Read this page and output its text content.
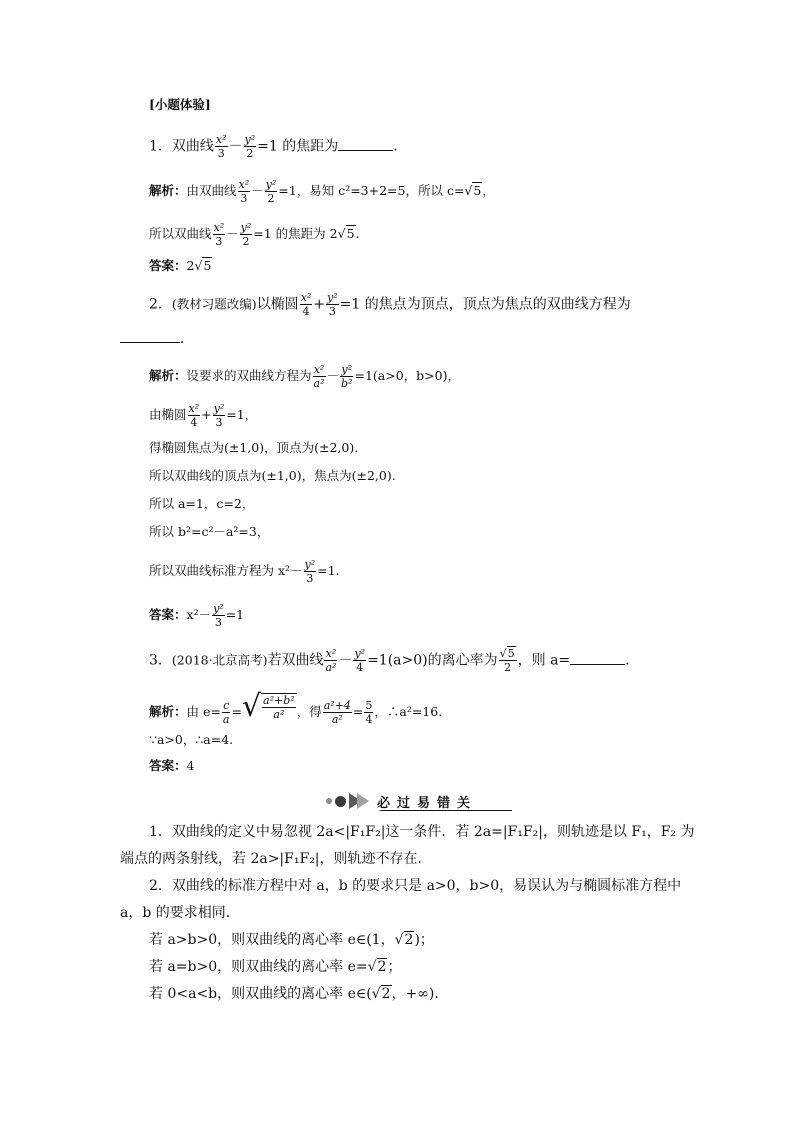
[小题体验]
1．双曲线 $\frac{\text{x²}}{3} - \frac{\text{y²}}{2} =1$ 的焦距为	．
解析：由双曲线 $\frac{\text{x²}}{3} - \frac{\text{y²}}{2} =1$，易知 c²=3+2=5，所以 c=√5，
所以双曲线 $\frac{\text{x²}}{3} - \frac{\text{y²}}{2} =1$ 的焦距为 2√5.
答案：2√5
2．(教材习题改编)以椭圆 $\frac{\text{x²}}{4} + \frac{\text{y²}}{3} =1$ 的焦点为顶点，顶点为焦点的双曲线方程为
．
解析：设要求的双曲线方程为 $\frac{\text{x²}}{\text{a²}} - \frac{\text{y²}}{\text{b²}} =1(a>0$，b>0)，
由椭圆 $\frac{\text{x²}}{4} + \frac{\text{y²}}{3} =1$，
得椭圆焦点为(±1,0)，顶点为(±2,0).
所以双曲线的顶点为(±1,0)，焦点为(±2,0).
所以 a=1，c=2，
所以 b²=c²－a²=3，
所以双曲线标准方程为 $x^2- \frac{\text{y²}}{3} =1$.
答案：$x^2- \frac{\text{y²}}{3} =1$
3．(2018·北京高考)若双曲线 $\frac{\text{x²}}{\text{a²}} - \frac{\text{y²}}{4} =1(a>0)$的离心率为 $\frac{√5}{2}$ ，则 a=	.
解析：由 $e= \frac{c}{a}$ = √ a²+b²
a² ，得 $\frac{\text{a²+4}}{\text{a²}} = \frac{5}{4}$ ，∴a²=16.
∵a>0，∴a=4.
答案：4
必过易错关
1．双曲线的定义中易忽视 2a<|F₁F₂|这一条件．若 2a=|F₁F₂|，则轨迹是以 F₁，F₂ 为
端点的两条射线，若 2a>|F₁F₂|，则轨迹不存在．
2．双曲线的标准方程中对 a，b 的要求只是 a>0，b>0，易误认为与椭圆标准方程中
a，b 的要求相同．
若 a>b>0，则双曲线的离心率 e∈(1，√2)；
若 a=b>0，则双曲线的离心率 e=√2；
若 0<a<b，则双曲线的离心率 e∈(√2，+∞)．
